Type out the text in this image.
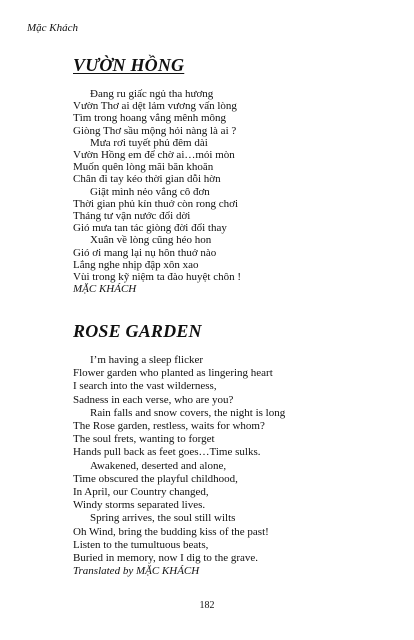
Mặc Khách
VƯỜN HỒNG
Đang ru giấc ngủ tha hương
Vườn Thơ ai dệt lảm vương vấn lòng
Tìm trong hoang vắng mênh mông
Giòng Thơ sầu mộng hỏi nàng là ai ?
Mưa rơi tuyết phủ đêm dài
Vườn Hồng em để chờ ai…mỏi mòn
Muốn quên lòng mãi băn khoăn
Chân đi tay kéo thời gian dỗi hờn
Giật mình nẻo vắng cô đơn
Thời gian phủ kín thuở còn rong chơi
Tháng tư vận nước đổi dời
Gió mưa tan tác giòng đời đổi thay
Xuân về lòng cũng héo hon
Gió ơi mang lại nụ hôn thuở nào
Lắng nghe nhịp đập xôn xao
Vùi trong kỹ niệm ta đào huyệt chôn !
MẶC KHÁCH
ROSE GARDEN
I’m having a sleep flicker
Flower garden who planted as lingering heart
I search into the vast wilderness,
Sadness in each verse, who are you?
Rain falls and snow covers, the night is long
The Rose garden, restless, waits for whom?
The soul frets, wanting to forget
Hands pull back as feet goes…Time sulks.
Awakened, deserted and alone,
Time obscured the playful childhood,
In April, our Country changed,
Windy storms separated lives.
Spring arrives, the soul still wilts
Oh Wind, bring the budding kiss of the past!
Listen to the tumultuous beats,
Buried in memory, now I dig to the grave.
Translated by MẶC KHÁCH
182
